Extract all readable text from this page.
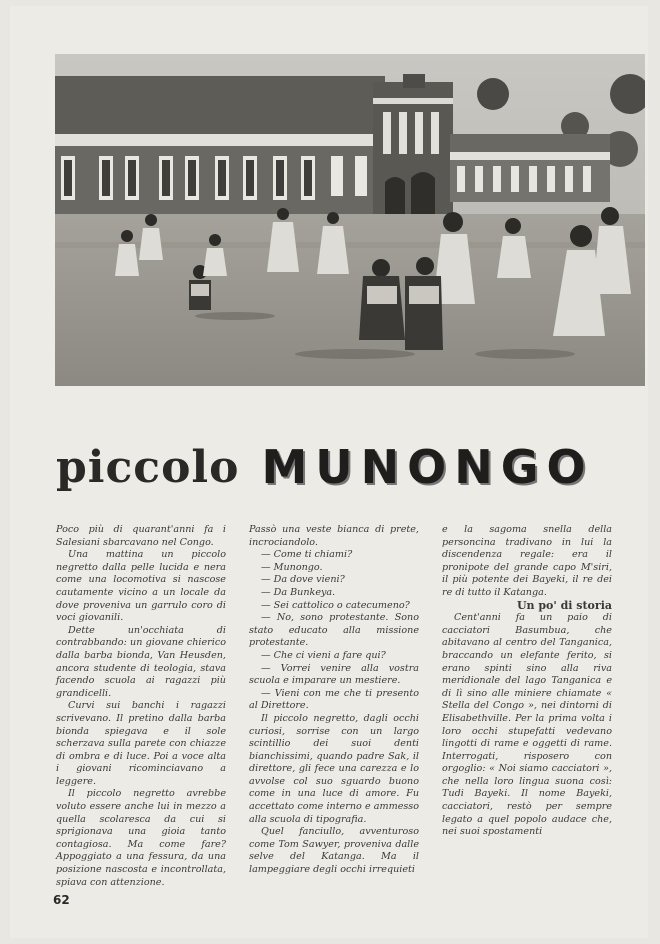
piccolo MUNONGO

Poco più di quarant'anni fa i Salesiani sbarcavano nel Congo.

Una mattina un piccolo negretto dalla pelle lucida e nera come una locomotiva si nascose cautamente vicino a un locale da dove proveniva un garrulo coro di voci giovanili.

Dette un'occhiata di contrabbando: un giovane chierico dalla barba bionda, Van Heusden, ancora studente di teologia, stava facendo scuola ai ragazzi più grandicelli.

Curvi sui banchi i ragazzi scrivevano. Il pretino dalla barba bionda spiegava e il sole scherzava sulla parete con chiazze di ombra e di luce. Poi a voce alta i giovani ricominciavano a leggere.

Il piccolo negretto avrebbe voluto essere anche lui in mezzo a quella scolaresca da cui si sprigionava una gioia tanto contagiosa. Ma come fare? Appoggiato a una fessura, da una posizione nascosta e incontrollata, spiava con attenzione.

Passò una veste bianca di prete, incrociandolo.

— Come ti chiami?

— Munongo.

— Da dove vieni?

— Da Bunkeya.

— Sei cattolico o catecumeno?

— No, sono protestante. Sono stato educato alla missione protestante.

— Che ci vieni a fare qui?

— Vorrei venire alla vostra scuola e imparare un mestiere.

— Vieni con me che ti presento al Direttore.

Il piccolo negretto, dagli occhi curiosi, sorrise con un largo scintillio dei suoi denti bianchissimi, quando padre Sak, il direttore, gli fece una carezza e lo avvolse col suo sguardo buono come in una luce di amore. Fu accettato come interno e ammesso alla scuola di tipografia.

Quel fanciullo, avventuroso come Tom Sawyer, proveniva dalle selve del Katanga. Ma il lampeggiare degli occhi irrequieti

e la sagoma snella della personcina tradivano in lui la discendenza regale: era il pronipote del grande capo M'siri, il più potente dei Bayeki, il re dei re di tutto il Katanga.

Un po' di storia

Cent'anni fa un paio di cacciatori Basumbua, che abitavano al centro del Tanganica, braccando un elefante ferito, si erano spinti sino alla riva meridionale del lago Tanganica e di lì sino alle miniere chiamate « Stella del Congo », nei dintorni di Elisabethville. Per la prima volta i loro occhi stupefatti vedevano lingotti di rame e oggetti di rame. Interrogati, risposero con orgoglio: « Noi siamo cacciatori », che nella loro lingua suona così: Tudi Bayeki. Il nome Bayeki, cacciatori, restò per sempre legato a quel popolo audace che, nei suoi spostamenti

62
